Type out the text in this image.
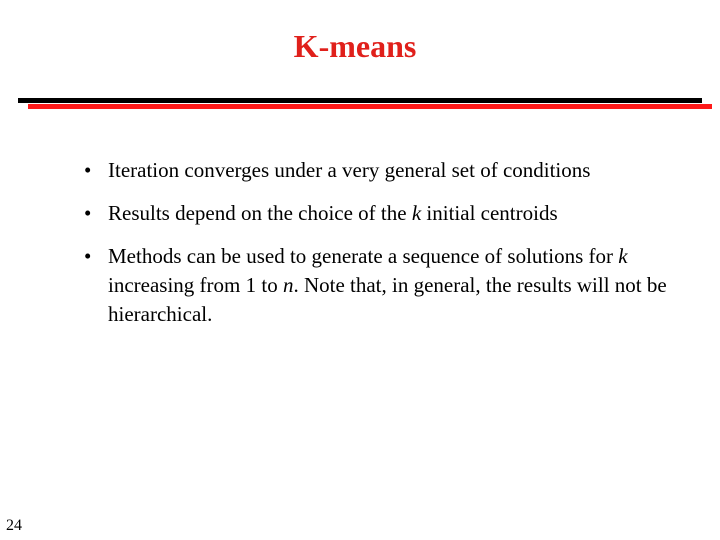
K-means
• Iteration converges under a very general set of conditions
• Results depend on the choice of the k initial centroids
• Methods can be used to generate a sequence of solutions for k increasing from 1 to n. Note that, in general, the results will not be hierarchical.
24
